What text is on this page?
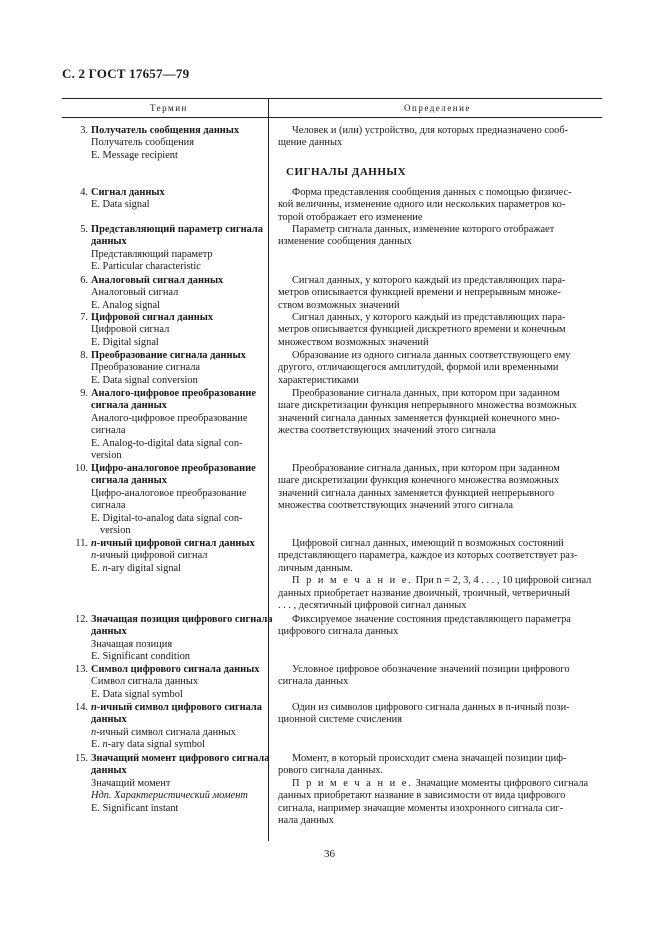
С. 2 ГОСТ 17657—79
Термин	Определение
СИГНАЛЫ ДАННЫХ
3. Получатель сообщения данных
Получатель сообщения
E. Message recipient
Человек и (или) устройство, для которых предназначено сооб-
щение данных
4. Сигнал данных
E. Data signal
Форма представления сообщения данных с помощью физичес-
кой величины, изменение одного или нескольких параметров ко-
торой отображает его изменение
5. Представляющий параметр сигнала
данных
Представляющий параметр
E. Particular characteristic
Параметр сигнала данных, изменение которого отображает
изменение сообщения данных
6. Аналоговый сигнал данных
Аналоговый сигнал
E. Analog signal
Сигнал данных, у которого каждый из представляющих пара-
метров описывается функцией времени и непрерывным множе-
ством возможных значений
7. Цифровой сигнал данных
Цифровой сигнал
E. Digital signal
Сигнал данных, у которого каждый из представляющих пара-
метров описывается функцией дискретного времени и конечным
множеством возможных значений
8. Преобразование сигнала данных
Преобразование сигнала
E. Data signal conversion
Образование из одного сигнала данных соответствующего ему
другого, отличающегося амплитудой, формой или временными
характеристиками
9. Аналого-цифровое преобразование
сигнала данных
Аналого-цифровое преобразование
сигнала
E. Analog-to-digital data signal con-
version
Преобразование сигнала данных, при котором при заданном
шаге дискретизации функция непрерывного множества возможных
значений сигнала данных заменяется функцией конечного мно-
жества соответствующих значений этого сигнала
10. Цифро-аналоговое преобразование
сигнала данных
Цифро-аналоговое преобразование
сигнала
E. Digital-to-analog data signal con-
version
Преобразование сигнала данных, при котором при заданном
шаге дискретизации функция конечного множества возможных
значений сигнала данных заменяется функцией непрерывного
множества соответствующих значений этого сигнала
11. n-ичный цифровой сигнал данных
n-ичный цифровой сигнал
E. n-ary digital signal
Цифровой сигнал данных, имеющий n возможных состояний
представляющего параметра, каждое из которых соответствует раз-
личным данным.
П р и м е ч а н и е. При n = 2, 3, 4 . . . , 10 цифровой сигнал
данных приобретает название двоичный, троичный, четверичный
. . . , десятичный цифровой сигнал данных
12. Значащая позиция цифрового сигнала
данных
Значащая позиция
E. Significant condition
Фиксируемое значение состояния представляющего параметра
цифрового сигнала данных
13. Символ цифрового сигнала данных
Символ сигнала данных
E. Data signal symbol
Условное цифровое обозначение значений позиции цифрового
сигнала данных
14. n-ичный символ цифрового сигнала
данных
n-ичный символ сигнала данных
E. n-ary data signal symbol
Один из символов цифрового сигнала данных в n-ичный пози-
ционной системе счисления
15. Значащий момент цифрового сигнала
данных
Значащий момент
Ндп. Характеристический момент
E. Significant instant
Момент, в который происходит смена значащей позиции циф-
рового сигнала данных.
П р и м е ч а н и е. Значащие моменты цифрового сигнала
данных приобретают название в зависимости от вида цифрового
сигнала, например значащие моменты изохронного сигнала сиг-
нала данных
36
